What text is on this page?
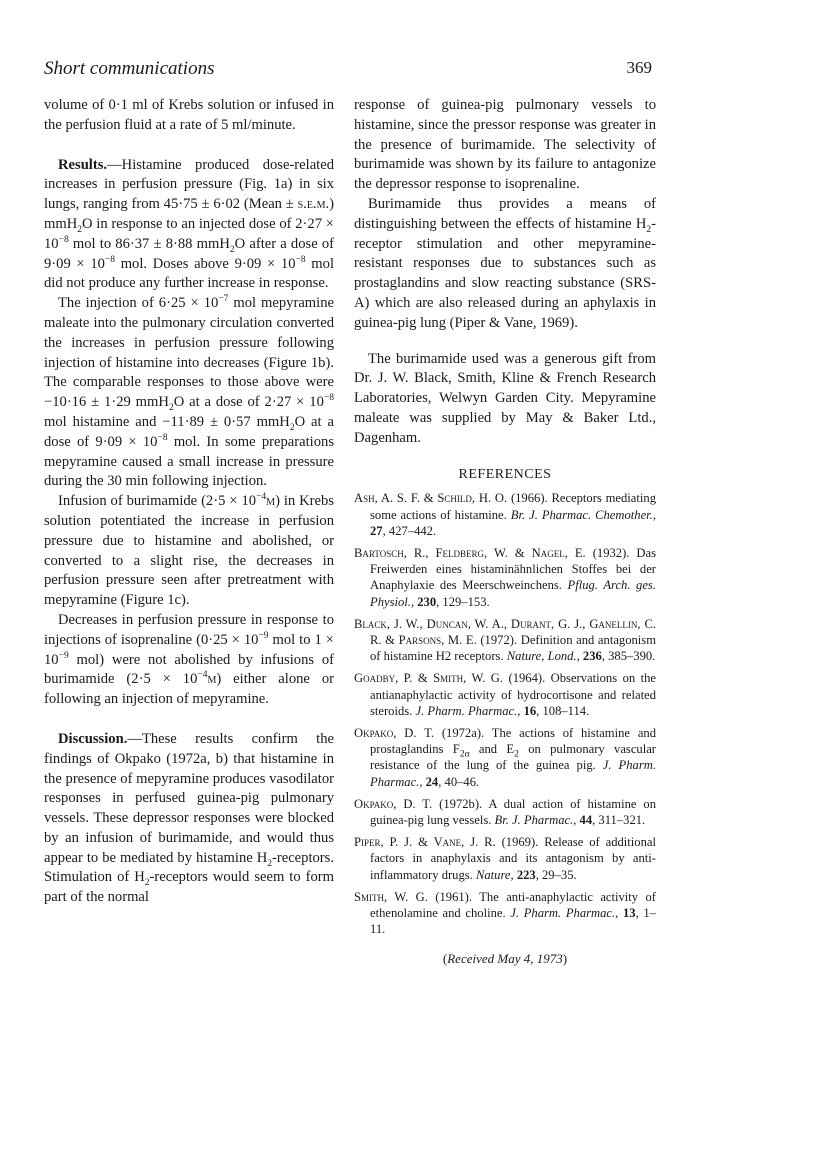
Short communications	369

volume of 0·1 ml of Krebs solution or infused in the perfusion fluid at a rate of 5 ml/minute.

Results.—Histamine produced dose-related increases in perfusion pressure (Fig. 1a) in six lungs, ranging from 45·75 ± 6·02 (Mean ± s.e.m.) mmH$_2$O in response to an injected dose of $2\cdot 27 \times 10^{-8}$ mol to 86·37 ± 8·88 mmH$_2$O after a dose of $9\cdot 09 \times 10^{-8}$ mol. Doses above $9\cdot 09 \times 10^{-8}$ mol did not produce any further increase in response.

The injection of $6\cdot 25 \times 10^{-7}$ mol mepyramine maleate into the pulmonary circulation converted the increases in perfusion pressure following injection of histamine into decreases (Figure 1b). The comparable responses to those above were −10·16 ± 1·29 mmH$_2$O at a dose of $2\cdot 27 \times 10^{-8}$ mol histamine and −11·89 ± 0·57 mmH$_2$O at a dose of $9\cdot 09 \times 10^{-8}$ mol. In some preparations mepyramine caused a small increase in pressure during the 30 min following injection.

Infusion of burimamide $(2\cdot 5 \times 10^{-4}m)$ in Krebs solution potentiated the increase in perfusion pressure due to histamine and abolished, or converted to a slight rise, the decreases in perfusion pressure seen after pretreatment with mepyramine (Figure 1c).

Decreases in perfusion pressure in response to injections of isoprenaline ($0\cdot 25 \times 10^{-9}$ mol to $1 \times 10^{-9}$ mol) were not abolished by infusions of burimamide $(2\cdot 5 \times 10^{-4}m)$ either alone or following an injection of mepyramine.

Discussion.—These results confirm the findings of Okpako (1972a, b) that histamine in the presence of mepyramine produces vasodilator responses in perfused guinea-pig pulmonary vessels. These depressor responses were blocked by an infusion of burimamide, and would thus appear to be mediated by histamine $H_2$-receptors. Stimulation of $H_2$-receptors would seem to form part of the normal

response of guinea-pig pulmonary vessels to histamine, since the pressor response was greater in the presence of burimamide. The selectivity of burimamide was shown by its failure to antagonize the depressor response to isoprenaline.

Burimamide thus provides a means of distinguishing between the effects of histamine $H_2$-receptor stimulation and other mepyramine-resistant responses due to substances such as prostaglandins and slow reacting substance (SRS-A) which are also released during an aphylaxis in guinea-pig lung (Piper & Vane, 1969).

The burimamide used was a generous gift from Dr. J. W. Black, Smith, Kline & French Research Laboratories, Welwyn Garden City. Mepyramine maleate was supplied by May & Baker Ltd., Dagenham.

REFERENCES
Ash, A. S. F. & Schild, H. O. (1966). Receptors mediating some actions of histamine. Br. J. Pharmac. Chemother., 27, 427–442.
Bartosch, R., Feldberg, W. & Nagel, E. (1932). Das Freiwerden eines histaminähnlichen Stoffes bei der Anaphylaxie des Meerschweinchens. Pflug. Arch. ges. Physiol., 230, 129–153.
Black, J. W., Duncan, W. A., Durant, G. J., Ganellin, C. R. & Parsons, M. E. (1972). Definition and antagonism of histamine H2 receptors. Nature, Lond., 236, 385–390.
Goadby, P. & Smith, W. G. (1964). Observations on the antianaphylactic activity of hydrocortisone and related steroids. J. Pharm. Pharmac., 16, 108–114.
Okpako, D. T. (1972a). The actions of histamine and prostaglandins $F_{2\alpha}$ and $E_2$ on pulmonary vascular resistance of the lung of the guinea pig. J. Pharm. Pharmac., 24, 40–46.
Okpako, D. T. (1972b). A dual action of histamine on guinea-pig lung vessels. Br. J. Pharmac., 44, 311–321.
Piper, P. J. & Vane, J. R. (1969). Release of additional factors in anaphylaxis and its antagonism by anti-inflammatory drugs. Nature, 223, 29–35.
Smith, W. G. (1961). The anti-anaphylactic activity of ethenolamine and choline. J. Pharm. Pharmac., 13, 1–11.
(Received May 4, 1973)
